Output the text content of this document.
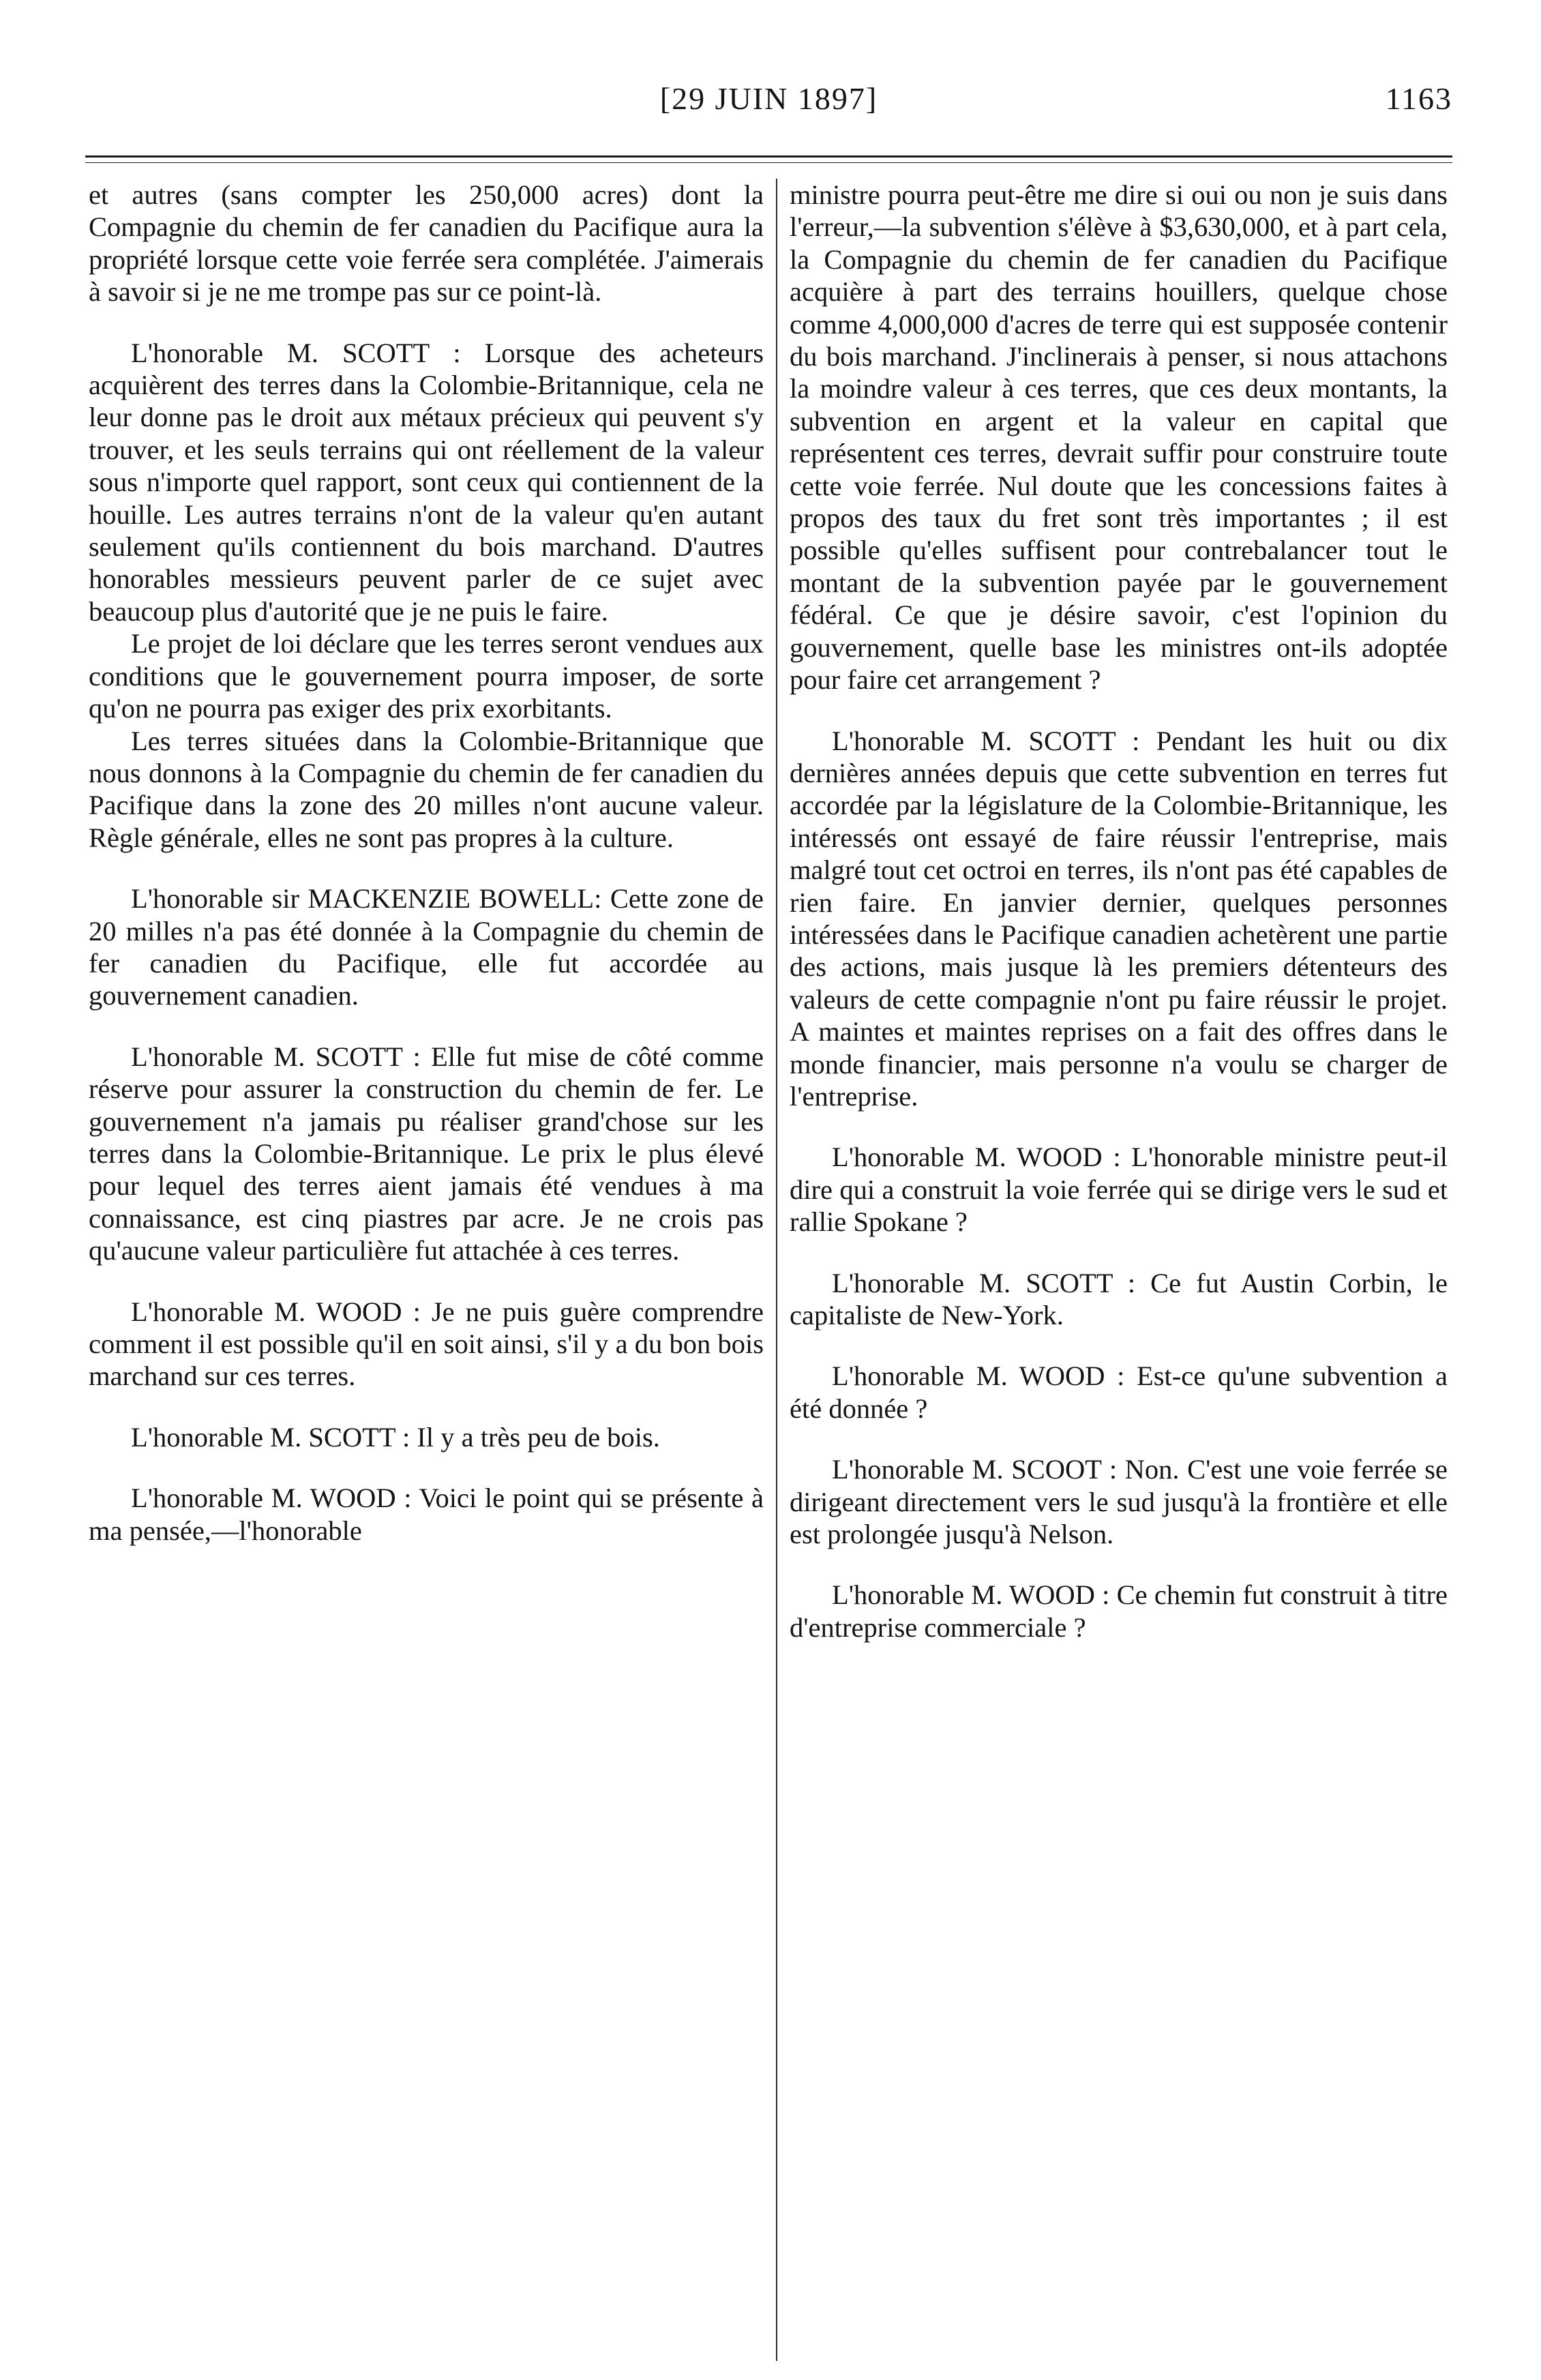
[29 JUIN 1897]	1163

et autres (sans compter les 250,000 acres) dont la Compagnie du chemin de fer canadien du Pacifique aura la propriété lorsque cette voie ferrée sera complétée. J'aimerais à savoir si je ne me trompe pas sur ce point-là.

L'honorable M. SCOTT : Lorsque des acheteurs acquièrent des terres dans la Colombie-Britannique, cela ne leur donne pas le droit aux métaux précieux qui peuvent s'y trouver, et les seuls terrains qui ont réellement de la valeur sous n'importe quel rapport, sont ceux qui contiennent de la houille. Les autres terrains n'ont de la valeur qu'en autant seulement qu'ils contiennent du bois marchand. D'autres honorables messieurs peuvent parler de ce sujet avec beaucoup plus d'autorité que je ne puis le faire.

Le projet de loi déclare que les terres seront vendues aux conditions que le gouvernement pourra imposer, de sorte qu'on ne pourra pas exiger des prix exorbitants.

Les terres situées dans la Colombie-Britannique que nous donnons à la Compagnie du chemin de fer canadien du Pacifique dans la zone des 20 milles n'ont aucune valeur. Règle générale, elles ne sont pas propres à la culture.

L'honorable sir MACKENZIE BOWELL: Cette zone de 20 milles n'a pas été donnée à la Compagnie du chemin de fer canadien du Pacifique, elle fut accordée au gouvernement canadien.

L'honorable M. SCOTT : Elle fut mise de côté comme réserve pour assurer la construction du chemin de fer. Le gouvernement n'a jamais pu réaliser grand'chose sur les terres dans la Colombie-Britannique. Le prix le plus élevé pour lequel des terres aient jamais été vendues à ma connaissance, est cinq piastres par acre. Je ne crois pas qu'aucune valeur particulière fut attachée à ces terres.

L'honorable M. WOOD : Je ne puis guère comprendre comment il est possible qu'il en soit ainsi, s'il y a du bon bois marchand sur ces terres.

L'honorable M. SCOTT : Il y a très peu de bois.

L'honorable M. WOOD : Voici le point qui se présente à ma pensée,—l'honorable

ministre pourra peut-être me dire si oui ou non je suis dans l'erreur,—la subvention s'élève à $3,630,000, et à part cela, la Compagnie du chemin de fer canadien du Pacifique acquière à part des terrains houillers, quelque chose comme 4,000,000 d'acres de terre qui est supposée contenir du bois marchand. J'inclinerais à penser, si nous attachons la moindre valeur à ces terres, que ces deux montants, la subvention en argent et la valeur en capital que représentent ces terres, devrait suffir pour construire toute cette voie ferrée. Nul doute que les concessions faites à propos des taux du fret sont très importantes ; il est possible qu'elles suffisent pour contrebalancer tout le montant de la subvention payée par le gouvernement fédéral. Ce que je désire savoir, c'est l'opinion du gouvernement, quelle base les ministres ont-ils adoptée pour faire cet arrangement ?

L'honorable M. SCOTT : Pendant les huit ou dix dernières années depuis que cette subvention en terres fut accordée par la législature de la Colombie-Britannique, les intéressés ont essayé de faire réussir l'entreprise, mais malgré tout cet octroi en terres, ils n'ont pas été capables de rien faire. En janvier dernier, quelques personnes intéressées dans le Pacifique canadien achetèrent une partie des actions, mais jusque là les premiers détenteurs des valeurs de cette compagnie n'ont pu faire réussir le projet. A maintes et maintes reprises on a fait des offres dans le monde financier, mais personne n'a voulu se charger de l'entreprise.

L'honorable M. WOOD : L'honorable ministre peut-il dire qui a construit la voie ferrée qui se dirige vers le sud et rallie Spokane ?

L'honorable M. SCOTT : Ce fut Austin Corbin, le capitaliste de New-York.

L'honorable M. WOOD : Est-ce qu'une subvention a été donnée ?

L'honorable M. SCOOT : Non. C'est une voie ferrée se dirigeant directement vers le sud jusqu'à la frontière et elle est prolongée jusqu'à Nelson.

L'honorable M. WOOD : Ce chemin fut construit à titre d'entreprise commerciale ?
